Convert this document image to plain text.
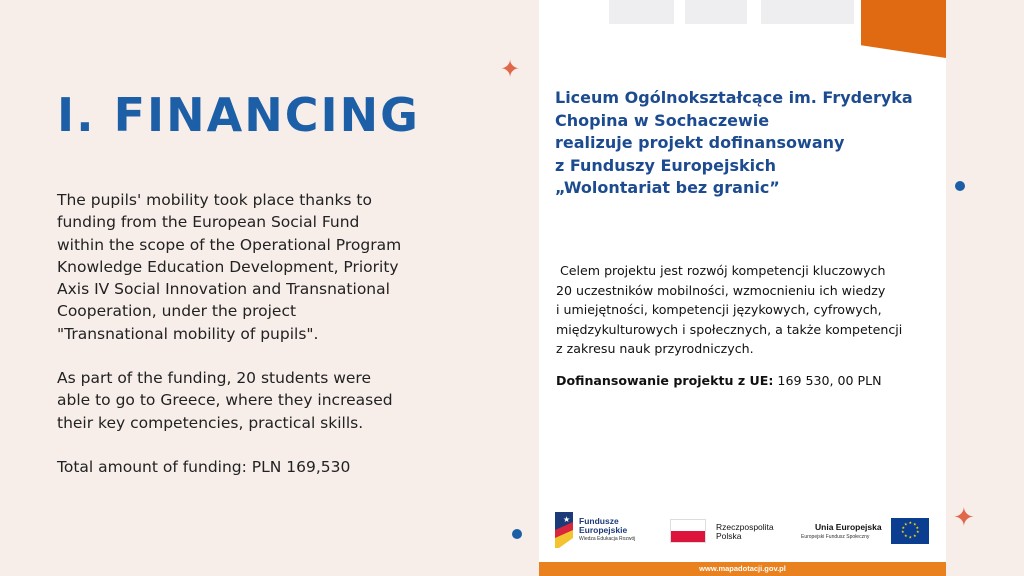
I. FINANCING

The pupils' mobility took place thanks to funding from the European Social Fund within the scope of the Operational Program Knowledge Education Development, Priority Axis IV Social Innovation and Transnational Cooperation, under the project "Transnational mobility of pupils".

As part of the funding, 20 students were able to go to Greece, where they increased their key competencies, practical skills.

Total amount of funding: PLN 169,530

✦
✦
Liceum Ogólnokształcące im. Fryderyka
Chopina w Sochaczewie
realizuje projekt dofinansowany
z Funduszy Europejskich
„Wolontariat bez granic”
Celem projektu jest rozwój kompetencji kluczowych
20 uczestników mobilności, wzmocnieniu ich wiedzy
i umiejętności, kompetencji językowych, cyfrowych,
międzykulturowych i społecznych, a także kompetencji
z zakresu nauk przyrodniczych.
Dofinansowanie projektu z UE: 169 530, 00 PLN
★ Fundusze
Europejskie
Wiedza Edukacja Rozwój
Rzeczpospolita
Polska
Unia Europejska
Europejski Fundusz Społeczny
★ ★
★
★
★
★
★
★
★
★
www.mapadotacji.gov.pl
